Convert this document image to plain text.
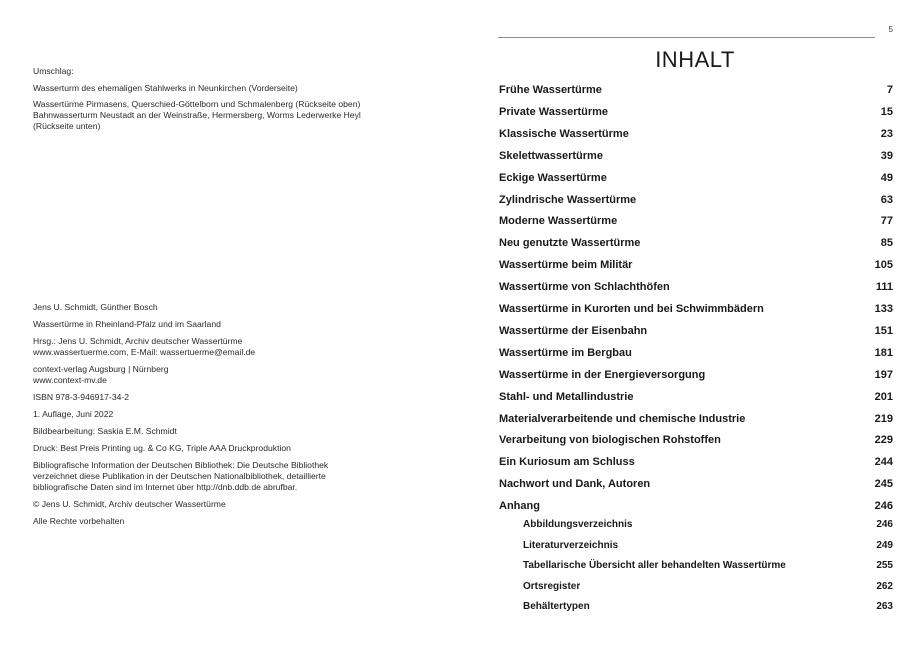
Umschlag:
Wasserturm des ehemaligen Stahlwerks in Neunkirchen (Vorderseite)
Wassertürme Pirmasens, Querschied-Göttelborn und Schmalenberg (Rückseite oben)
Bahnwasserturm Neustadt an der Weinstraße, Hermersberg, Worms Lederwerke Heyl
(Rückseite unten)
Jens U. Schmidt, Günther Bosch
Wassertürme in Rheinland-Pfalz und im Saarland
Hrsg.: Jens U. Schmidt, Archiv deutscher Wassertürme
www.wassertuerme.com, E-Mail: wassertuerme@email.de
context-verlag Augsburg | Nürnberg
www.context-mv.de
ISBN 978-3-946917-34-2
1. Auflage, Juni 2022
Bildbearbeitung: Saskia E.M. Schmidt
Druck: Best Preis Printing ug. & Co KG, Triple AAA Druckproduktion
Bibliografische Information der Deutschen Bibliothek: Die Deutsche Bibliothek
verzeichnet diese Publikation in der Deutschen Nationalbibliothek, detaillierte
bibliografische Daten sind im Internet über http://dnb.ddb.de abrufbar.
© Jens U. Schmidt, Archiv deutscher Wassertürme
Alle Rechte vorbehalten
5
INHALT
Frühe Wassertürme	7
Private Wassertürme	15
Klassische Wassertürme	23
Skelettwassertürme	39
Eckige Wassertürme	49
Zylindrische Wassertürme	63
Moderne Wassertürme	77
Neu genutzte Wassertürme	85
Wassertürme beim Militär	105
Wassertürme von Schlachthöfen	111
Wassertürme in Kurorten und bei Schwimmbädern	133
Wassertürme der Eisenbahn	151
Wassertürme im Bergbau	181
Wassertürme in der Energieversorgung	197
Stahl- und Metallindustrie	201
Materialverarbeitende und chemische Industrie	219
Verarbeitung von biologischen Rohstoffen	229
Ein Kuriosum am Schluss	244
Nachwort und Dank, Autoren	245
Anhang	246
Abbildungsverzeichnis	246
Literaturverzeichnis	249
Tabellarische Übersicht aller behandelten Wassertürme	255
Ortsregister	262
Behältertypen	263
